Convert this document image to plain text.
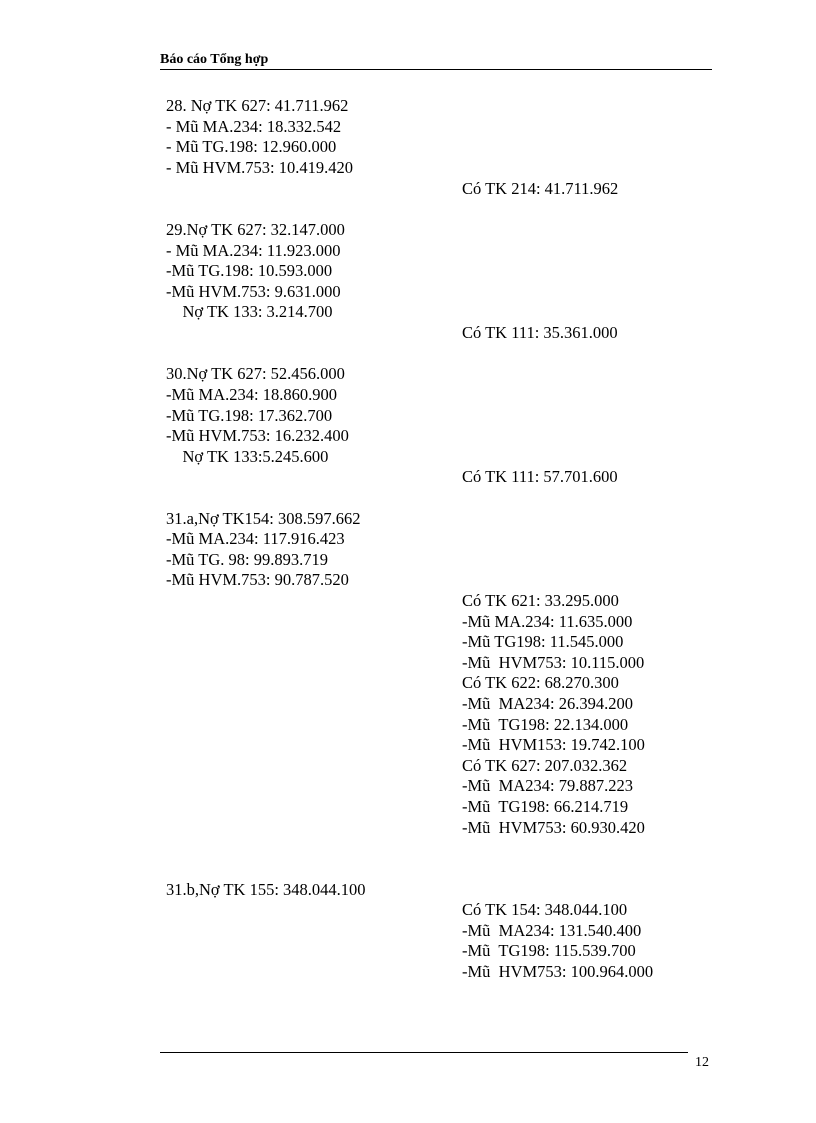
Báo cáo Tổng hợp
28. Nợ TK 627: 41.711.962
- Mũ MA.234: 18.332.542
- Mũ TG.198: 12.960.000
- Mũ HVM.753: 10.419.420
Có TK 214: 41.711.962
29.Nợ TK 627: 32.147.000
- Mũ MA.234: 11.923.000
-Mũ TG.198: 10.593.000
-Mũ HVM.753: 9.631.000
Nợ TK 133: 3.214.700
Có TK 111: 35.361.000
30.Nợ TK 627: 52.456.000
-Mũ MA.234: 18.860.900
-Mũ TG.198: 17.362.700
-Mũ HVM.753: 16.232.400
Nợ TK 133:5.245.600
Có TK 111: 57.701.600
31.a,Nợ TK154: 308.597.662
-Mũ MA.234: 117.916.423
-Mũ TG. 98: 99.893.719
-Mũ HVM.753: 90.787.520
Có TK 621: 33.295.000
-Mũ MA.234: 11.635.000
-Mũ TG198: 11.545.000
-Mũ  HVM753: 10.115.000
Có TK 622: 68.270.300
-Mũ  MA234: 26.394.200
-Mũ  TG198: 22.134.000
-Mũ  HVM153: 19.742.100
Có TK 627: 207.032.362
-Mũ  MA234: 79.887.223
-Mũ  TG198: 66.214.719
-Mũ  HVM753: 60.930.420
31.b,Nợ TK 155: 348.044.100
Có TK 154: 348.044.100
-Mũ  MA234: 131.540.400
-Mũ  TG198: 115.539.700
-Mũ  HVM753: 100.964.000
12
